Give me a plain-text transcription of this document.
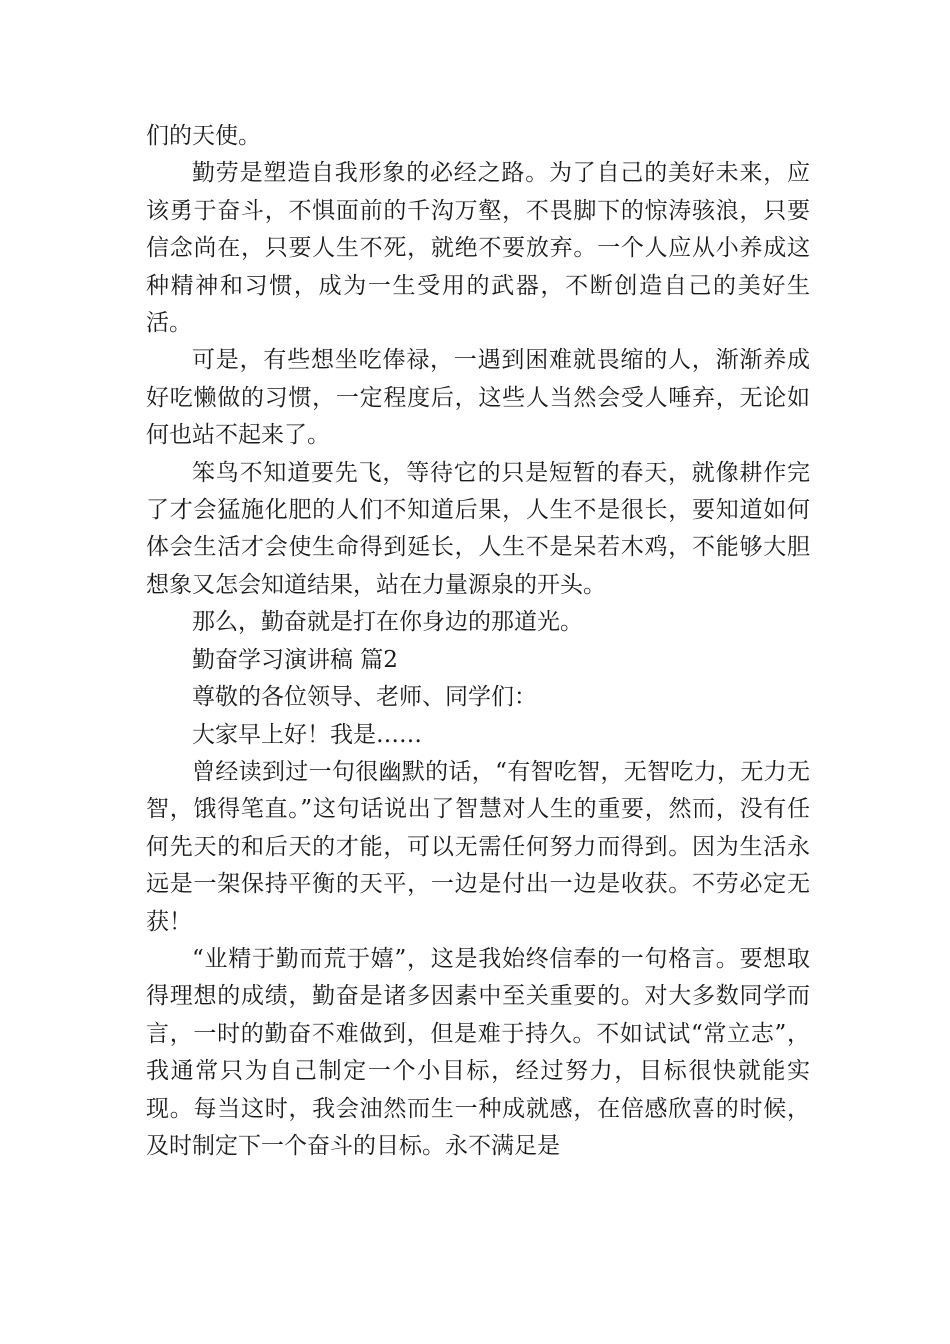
们的天使。

勤劳是塑造自我形象的必经之路。为了自己的美好未来，应该勇于奋斗，不惧面前的千沟万壑，不畏脚下的惊涛骇浪，只要信念尚在，只要人生不死，就绝不要放弃。一个人应从小养成这种精神和习惯，成为一生受用的武器，不断创造自己的美好生活。

可是，有些想坐吃俸禄，一遇到困难就畏缩的人，渐渐养成好吃懒做的习惯，一定程度后，这些人当然会受人唾弃，无论如何也站不起来了。

笨鸟不知道要先飞，等待它的只是短暂的春天，就像耕作完了才会猛施化肥的人们不知道后果，人生不是很长，要知道如何体会生活才会使生命得到延长，人生不是呆若木鸡，不能够大胆想象又怎会知道结果，站在力量源泉的开头。

那么，勤奋就是打在你身边的那道光。

勤奋学习演讲稿 篇2

尊敬的各位领导、老师、同学们：

大家早上好！我是……

曾经读到过一句很幽默的话，“有智吃智，无智吃力，无力无智，饿得笔直。”这句话说出了智慧对人生的重要，然而，没有任何先天的和后天的才能，可以无需任何努力而得到。因为生活永远是一架保持平衡的天平，一边是付出一边是收获。不劳必定无获！

“业精于勤而荒于嬉”，这是我始终信奉的一句格言。要想取得理想的成绩，勤奋是诸多因素中至关重要的。对大多数同学而言，一时的勤奋不难做到，但是难于持久。不如试试“常立志”，我通常只为自己制定一个小目标，经过努力，目标很快就能实现。每当这时，我会油然而生一种成就感，在倍感欣喜的时候，及时制定下一个奋斗的目标。永不满足是
